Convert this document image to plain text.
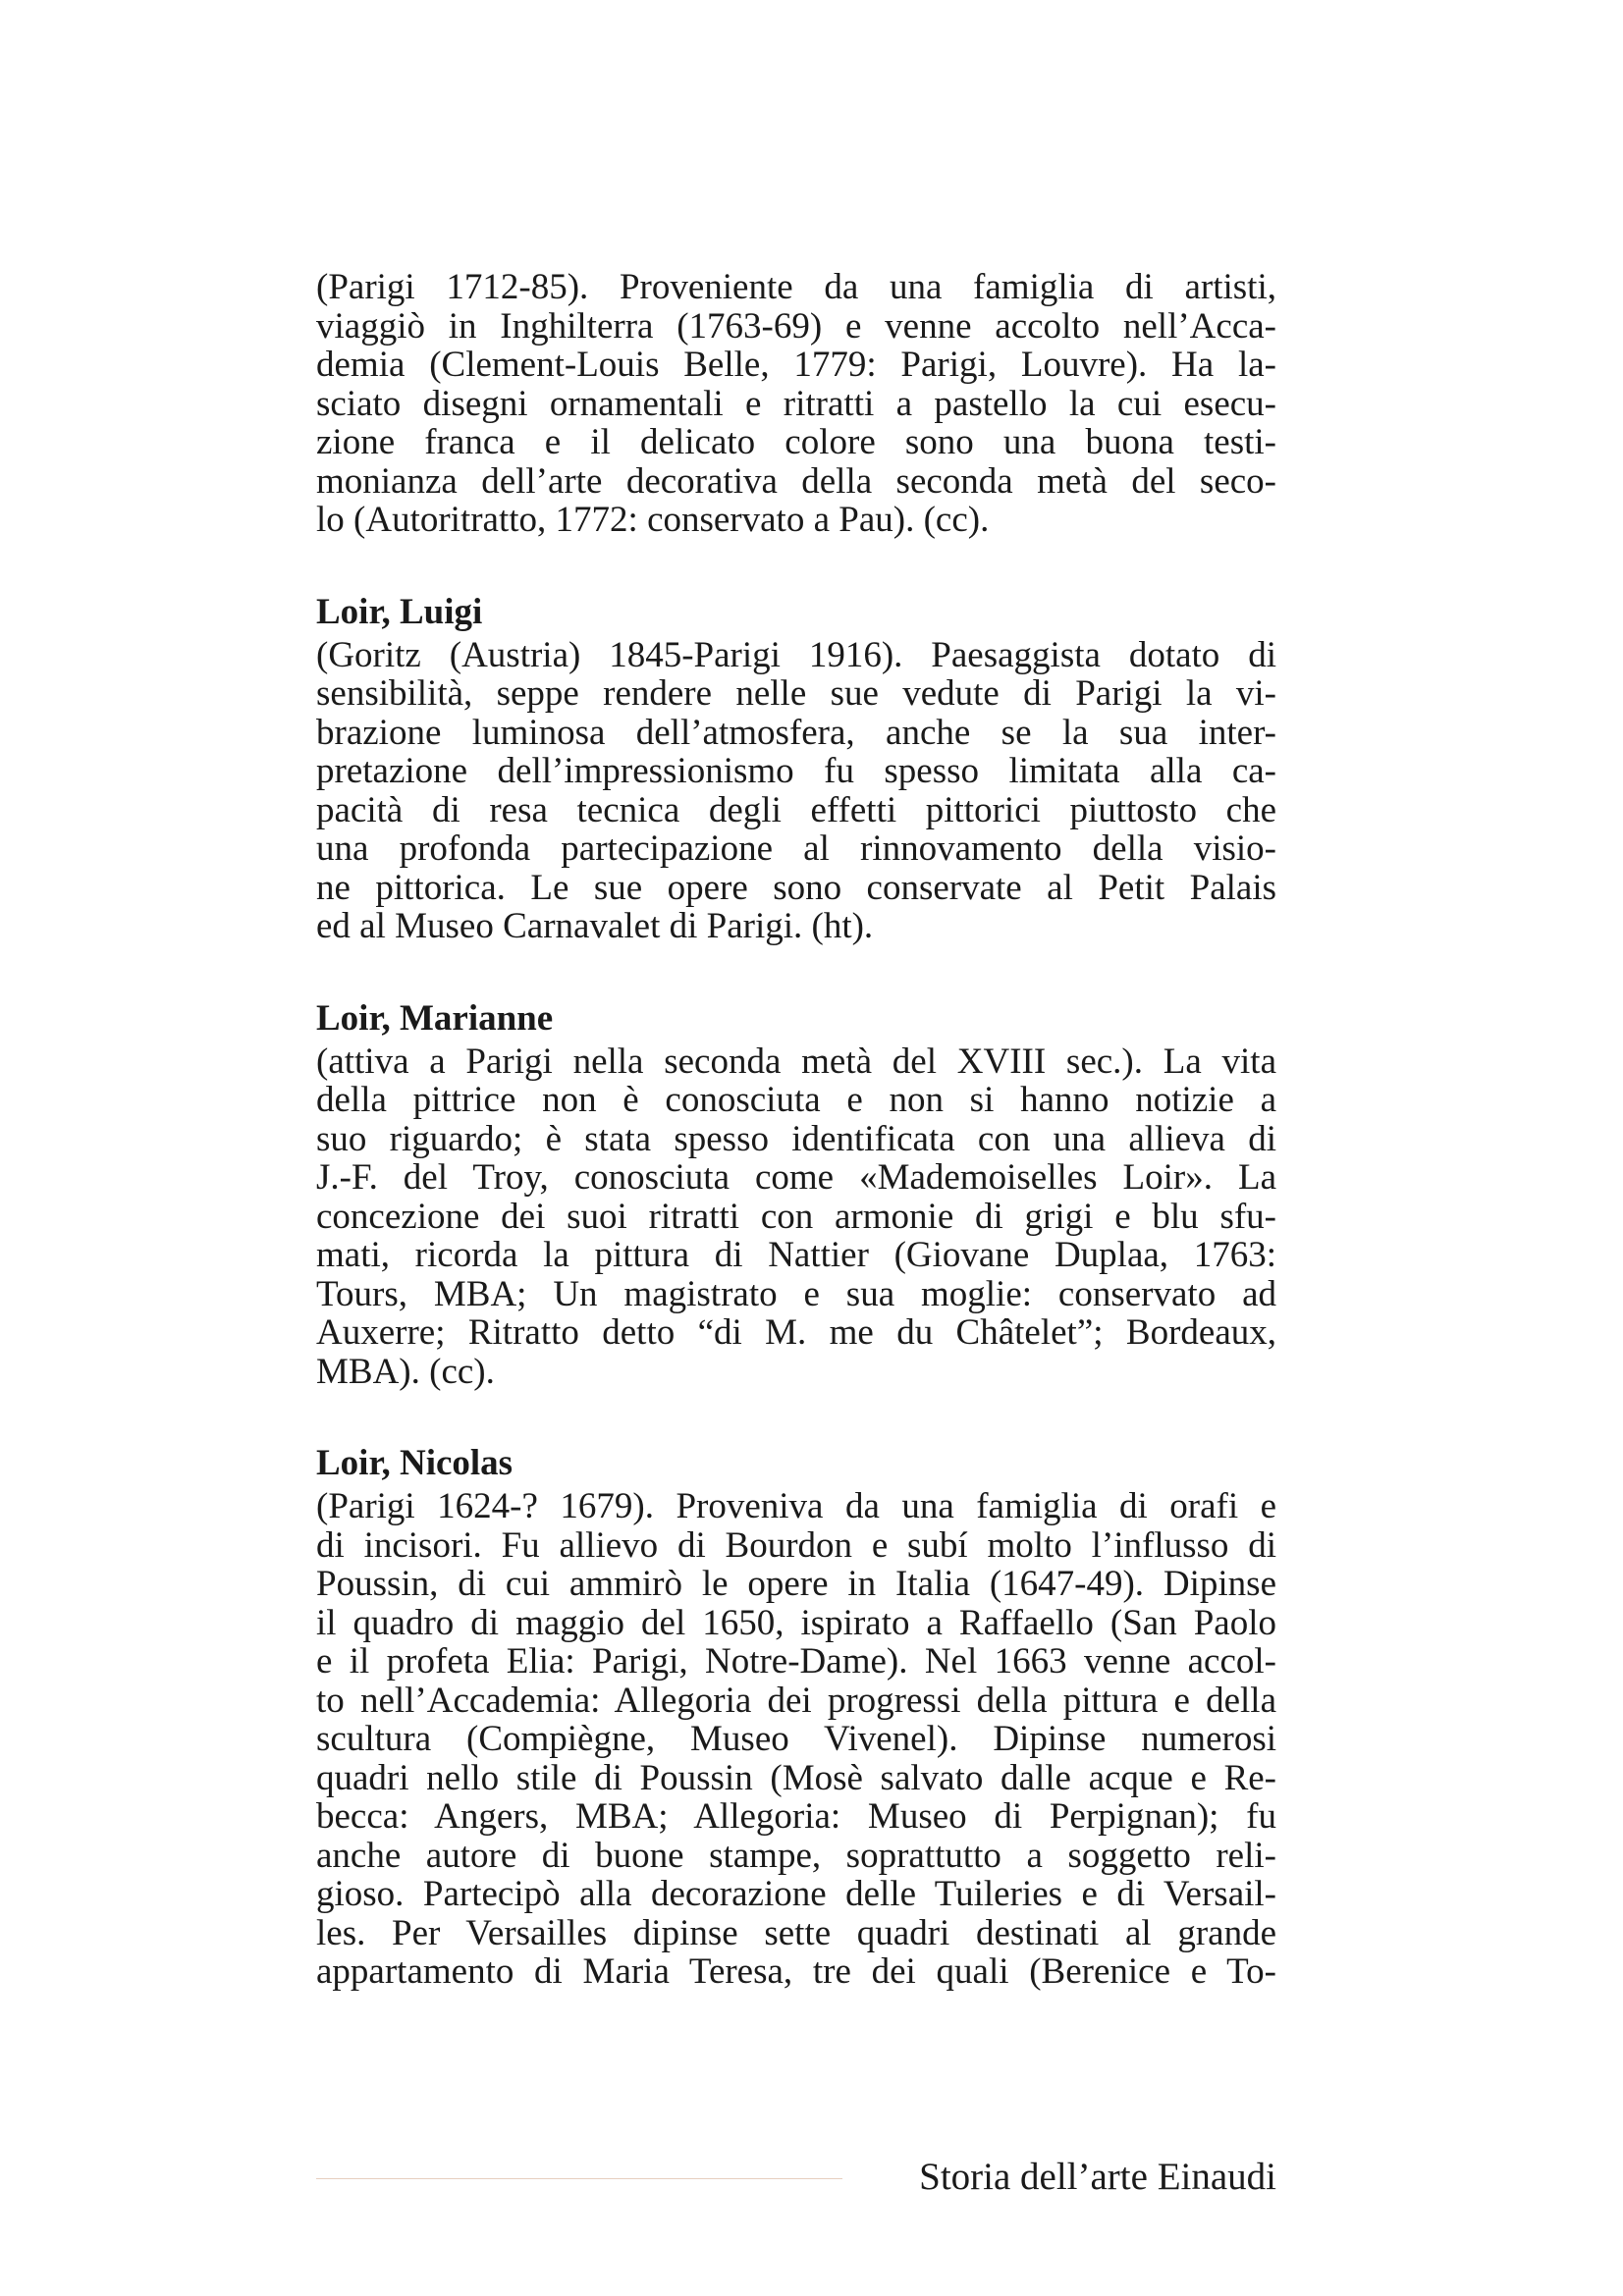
(Parigi 1712-85). Proveniente da una famiglia di artisti,
viaggiò in Inghilterra (1763-69) e venne accolto nell’Acca-
demia (Clement-Louis Belle, 1779: Parigi, Louvre). Ha la-
sciato disegni ornamentali e ritratti a pastello la cui esecu-
zione franca e il delicato colore sono una buona testi-
monianza dell’arte decorativa della seconda metà del seco-
lo (Autoritratto, 1772: conservato a Pau). (cc).
Loir, Luigi
(Goritz (Austria) 1845-Parigi 1916). Paesaggista dotato di
sensibilità, seppe rendere nelle sue vedute di Parigi la vi-
brazione luminosa dell’atmosfera, anche se la sua inter-
pretazione dell’impressionismo fu spesso limitata alla ca-
pacità di resa tecnica degli effetti pittorici piuttosto che
una profonda partecipazione al rinnovamento della visio-
ne pittorica. Le sue opere sono conservate al Petit Palais
ed al Museo Carnavalet di Parigi. (ht).
Loir, Marianne
(attiva a Parigi nella seconda metà del XVIII sec.). La vita
della pittrice non è conosciuta e non si hanno notizie a
suo riguardo; è stata spesso identificata con una allieva di
J.-F. del Troy, conosciuta come «Mademoiselles Loir». La
concezione dei suoi ritratti con armonie di grigi e blu sfu-
mati, ricorda la pittura di Nattier (Giovane Duplaa, 1763:
Tours, MBA; Un magistrato e sua moglie: conservato ad
Auxerre; Ritratto detto “di M. me du Châtelet”; Bordeaux,
MBA). (cc).
Loir, Nicolas
(Parigi 1624-? 1679). Proveniva da una famiglia di orafi e
di incisori. Fu allievo di Bourdon e subí molto l’influsso di
Poussin, di cui ammirò le opere in Italia (1647-49). Dipinse
il quadro di maggio del 1650, ispirato a Raffaello (San Paolo
e il profeta Elia: Parigi, Notre-Dame). Nel 1663 venne accol-
to nell’Accademia: Allegoria dei progressi della pittura e della
scultura (Compiègne, Museo Vivenel). Dipinse numerosi
quadri nello stile di Poussin (Mosè salvato dalle acque e Re-
becca: Angers, MBA; Allegoria: Museo di Perpignan); fu
anche autore di buone stampe, soprattutto a soggetto reli-
gioso. Partecipò alla decorazione delle Tuileries e di Versail-
les. Per Versailles dipinse sette quadri destinati al grande
appartamento di Maria Teresa, tre dei quali (Berenice e To-
Storia dell’arte Einaudi
